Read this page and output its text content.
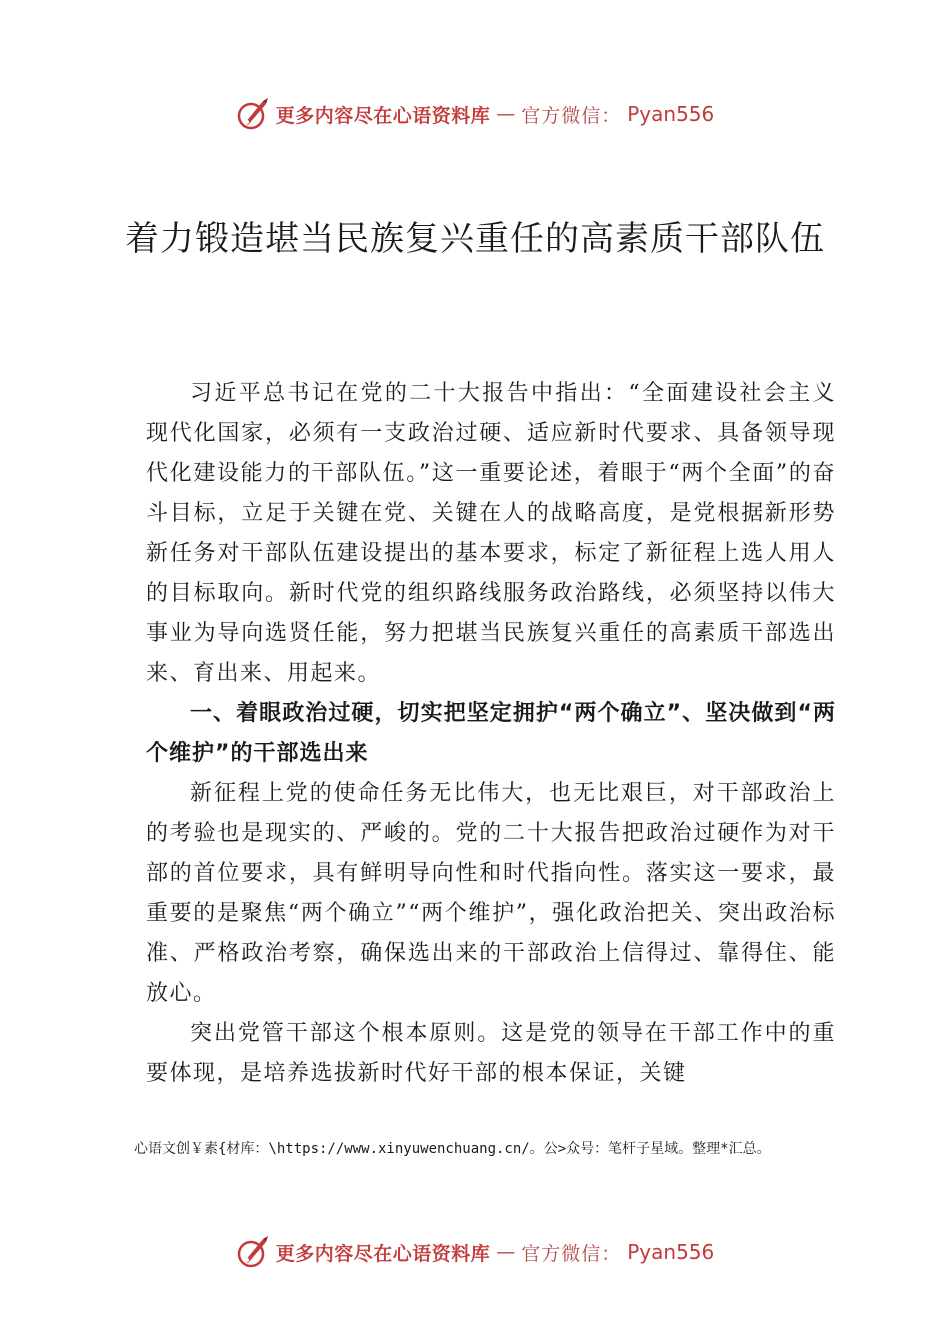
更多内容尽在心语资料库 — 官方微信： Pyan556
着力锻造堪当民族复兴重任的高素质干部队伍

习近平总书记在党的二十大报告中指出：“全面建设社会主义现代化国家，必须有一支政治过硬、适应新时代要求、具备领导现代化建设能力的干部队伍。”这一重要论述，着眼于“两个全面”的奋斗目标，立足于关键在党、关键在人的战略高度，是党根据新形势新任务对干部队伍建设提出的基本要求，标定了新征程上选人用人的目标取向。新时代党的组织路线服务政治路线，必须坚持以伟大事业为导向选贤任能，努力把堪当民族复兴重任的高素质干部选出来、育出来、用起来。

一、着眼政治过硬，切实把坚定拥护“两个确立”、坚决做到“两个维护”的干部选出来

新征程上党的使命任务无比伟大，也无比艰巨，对干部政治上的考验也是现实的、严峻的。党的二十大报告把政治过硬作为对干部的首位要求，具有鲜明导向性和时代指向性。落实这一要求，最重要的是聚焦“两个确立”“两个维护”，强化政治把关、突出政治标准、严格政治考察，确保选出来的干部政治上信得过、靠得住、能放心。

突出党管干部这个根本原则。这是党的领导在干部工作中的重要体现，是培养选拔新时代好干部的根本保证，关键

心语文创￥素{材库：\https://www.xinyuwenchuang.cn/。公>众号：笔杆子星域。整理*汇总。
更多内容尽在心语资料库 — 官方微信： Pyan556
